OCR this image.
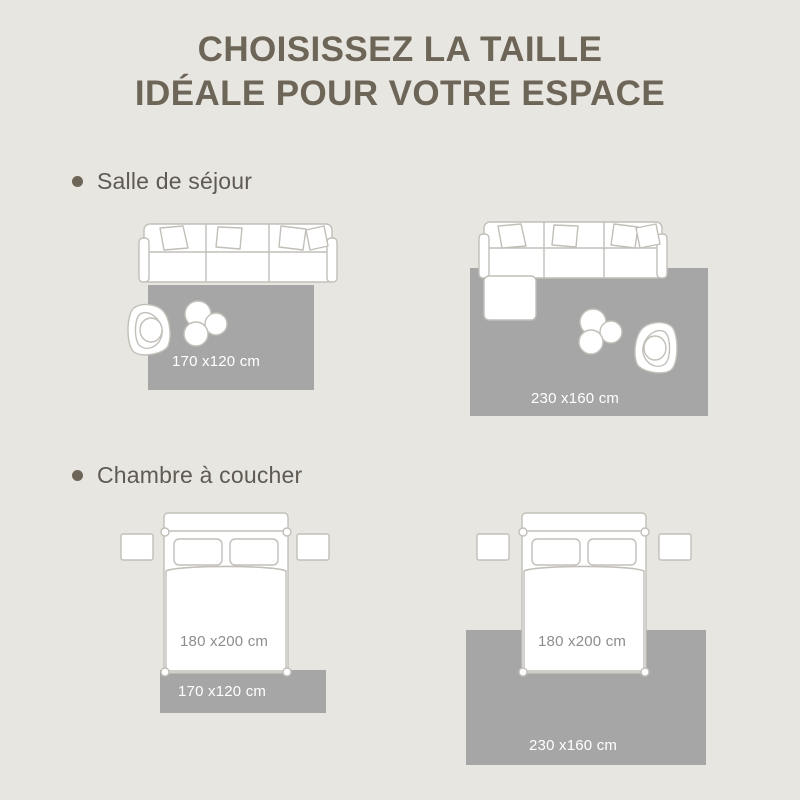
CHOISISSEZ LA TAILLE
IDÉALE POUR VOTRE ESPACE
Salle de séjour
170 x120 cm
230 x160 cm
Chambre à coucher
170 x120 cm
180 x200 cm
230 x160 cm
180 x200 cm
